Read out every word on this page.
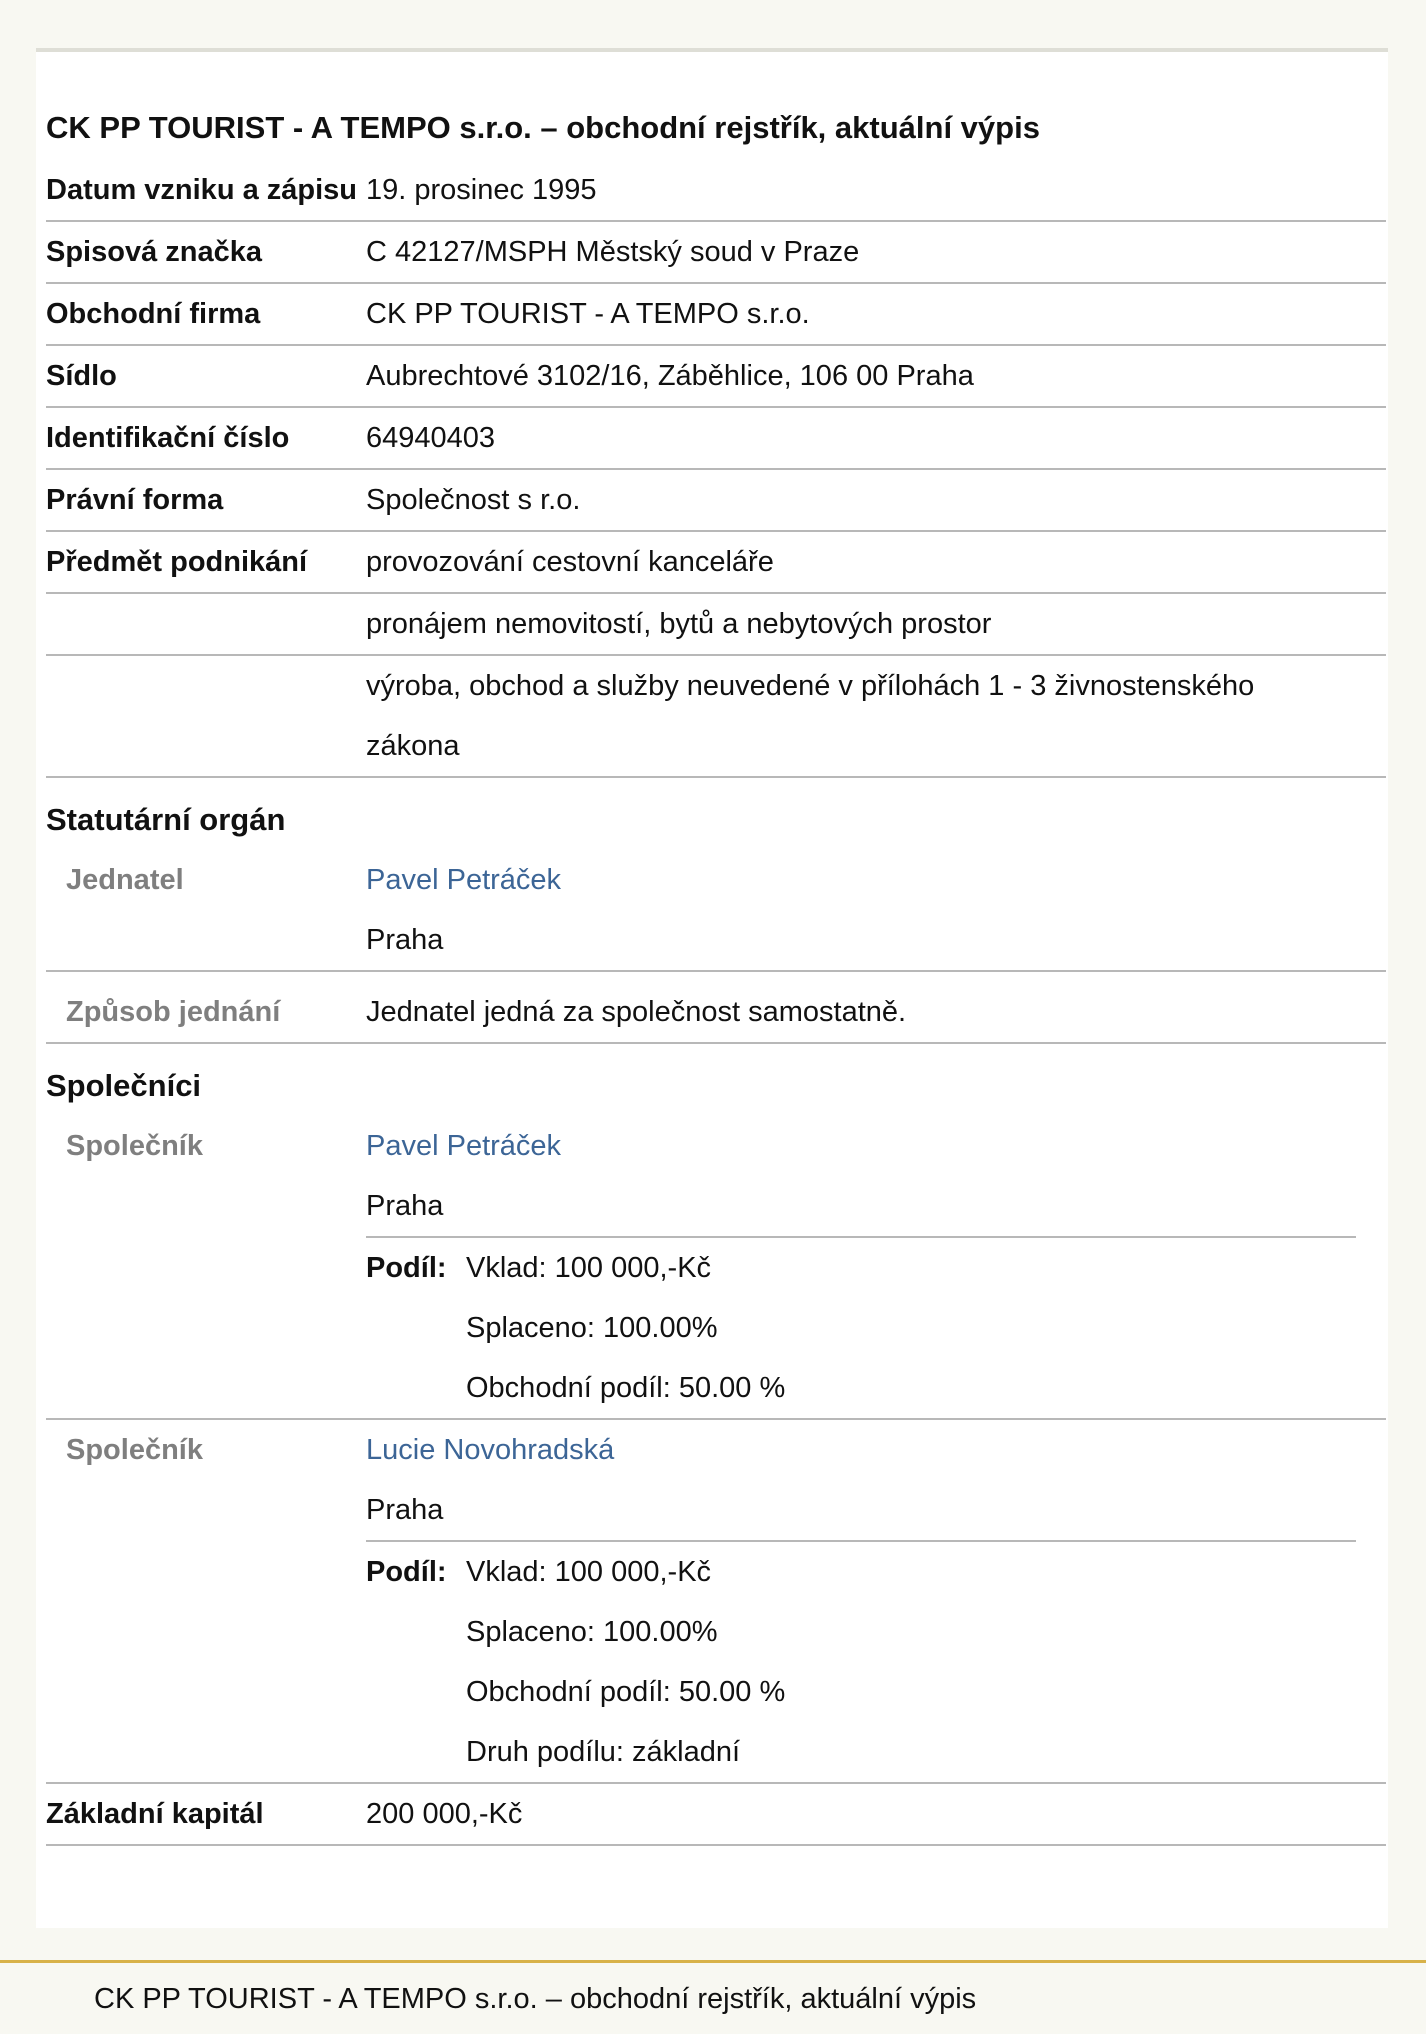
CK PP TOURIST - A TEMPO s.r.o. – obchodní rejstřík, aktuální výpis
Datum vzniku a zápisu 19. prosinec 1995
Spisová značka	C 42127/MSPH Městský soud v Praze
Obchodní firma	CK PP TOURIST - A TEMPO s.r.o.
Sídlo	Aubrechtové 3102/16, Záběhlice, 106 00 Praha
Identifikační číslo	64940403
Právní forma	Společnost s r.o.
Předmět podnikání	provozování cestovní kanceláře
pronájem nemovitostí, bytů a nebytových prostor
výroba, obchod a služby neuvedené v přílohách 1 - 3 živnostenského zákona
Statutární orgán
Jednatel	Pavel Petráček
Praha
Způsob jednání	Jednatel jedná za společnost samostatně.
Společníci
Společník	Pavel Petráček
Praha
Podíl: Vklad: 100 000,-Kč
Splaceno: 100.00%
Obchodní podíl: 50.00 %
Společník	Lucie Novohradská
Praha
Podíl: Vklad: 100 000,-Kč
Splaceno: 100.00%
Obchodní podíl: 50.00 %
Druh podílu: základní
Základní kapitál	200 000,-Kč
CK PP TOURIST - A TEMPO s.r.o. – obchodní rejstřík, aktuální výpis
